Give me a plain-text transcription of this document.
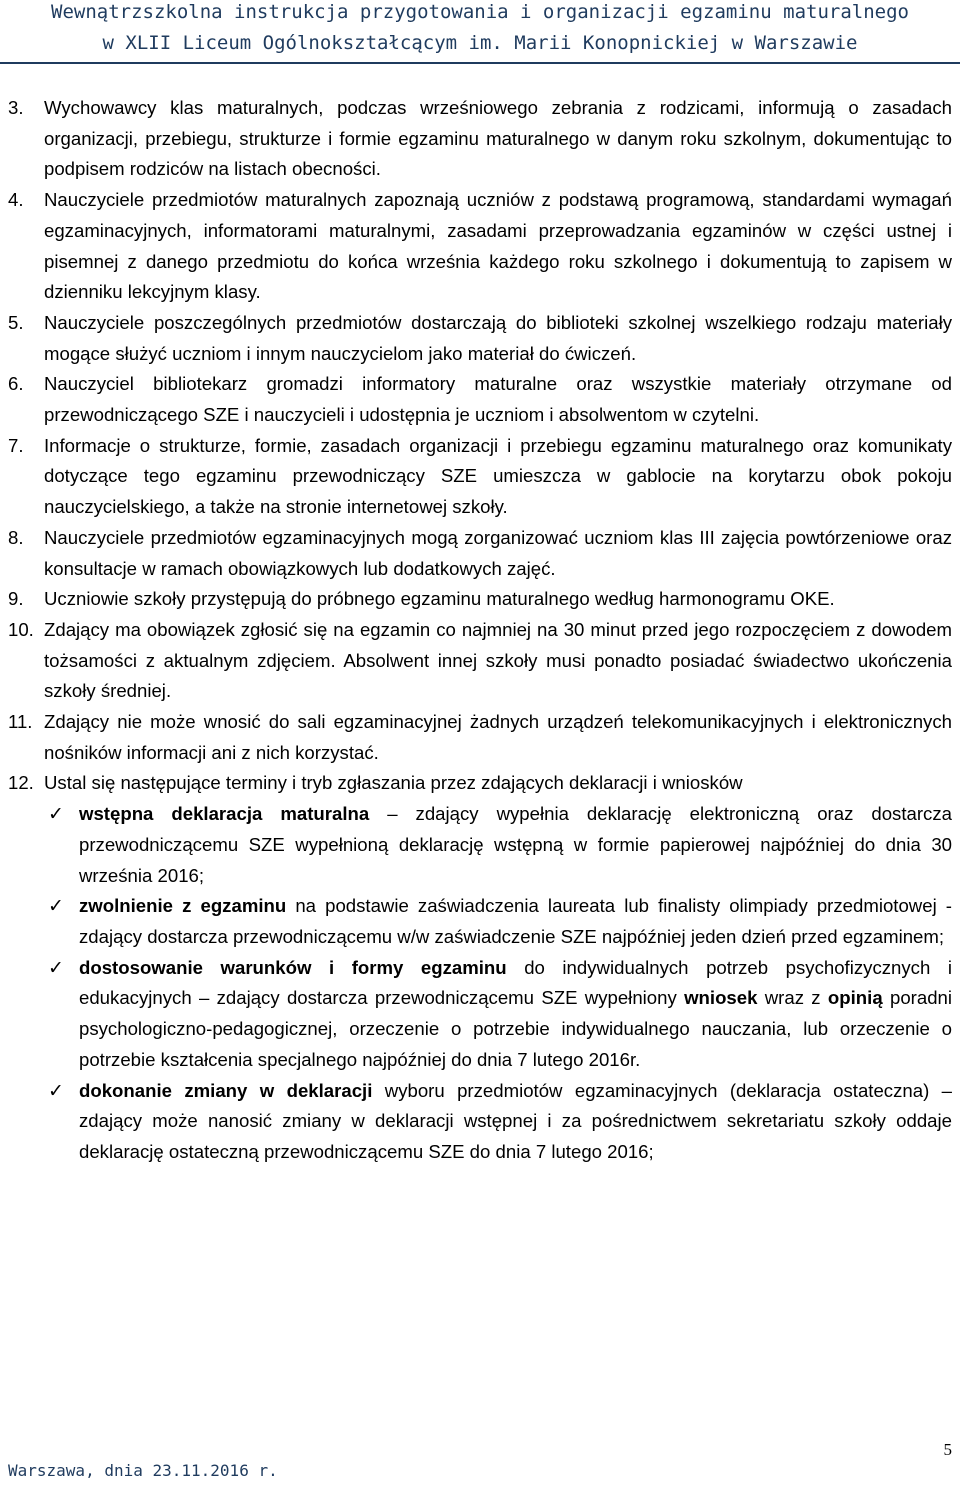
Wewnątrzszkolna instrukcja przygotowania i organizacji egzaminu maturalnego
w XLII Liceum Ogólnokształcącym im. Marii Konopnickiej w Warszawie
3. Wychowawcy klas maturalnych, podczas wrześniowego zebrania z rodzicami, informują o zasadach organizacji, przebiegu, strukturze i formie egzaminu maturalnego w danym roku szkolnym, dokumentując to podpisem rodziców na listach obecności.
4. Nauczyciele przedmiotów maturalnych zapoznają uczniów z podstawą programową, standardami wymagań egzaminacyjnych, informatorami maturalnymi, zasadami przeprowadzania egzaminów w części ustnej i pisemnej z danego przedmiotu do końca września każdego roku szkolnego i dokumentują to zapisem w dzienniku lekcyjnym klasy.
5. Nauczyciele poszczególnych przedmiotów dostarczają do biblioteki szkolnej wszelkiego rodzaju materiały mogące służyć uczniom i innym nauczycielom jako materiał do ćwiczeń.
6. Nauczyciel bibliotekarz gromadzi informatory maturalne oraz wszystkie materiały otrzymane od przewodniczącego SZE i nauczycieli i udostępnia je uczniom i absolwentom w czytelni.
7. Informacje o strukturze, formie, zasadach organizacji i przebiegu egzaminu maturalnego oraz komunikaty dotyczące tego egzaminu przewodniczący SZE umieszcza w gablocie na korytarzu obok pokoju nauczycielskiego, a także na stronie internetowej szkoły.
8. Nauczyciele przedmiotów egzaminacyjnych mogą zorganizować uczniom klas III zajęcia powtórzeniowe oraz konsultacje w ramach obowiązkowych lub dodatkowych zajęć.
9. Uczniowie szkoły przystępują do próbnego egzaminu maturalnego według harmonogramu OKE.
10. Zdający ma obowiązek zgłosić się na egzamin co najmniej na 30 minut przed jego rozpoczęciem z dowodem tożsamości z aktualnym zdjęciem. Absolwent innej szkoły musi ponadto posiadać świadectwo ukończenia szkoły średniej.
11. Zdający nie może wnosić do sali egzaminacyjnej żadnych urządzeń telekomunikacyjnych i elektronicznych nośników informacji ani z nich korzystać.
12. Ustal się następujące terminy i tryb zgłaszania przez zdających deklaracji i wniosków
✓ wstępna deklaracja maturalna – zdający wypełnia deklarację elektroniczną oraz dostarcza przewodniczącemu SZE wypełnioną deklarację wstępną w formie papierowej najpóźniej do dnia 30 września 2016;
✓ zwolnienie z egzaminu na podstawie zaświadczenia laureata lub finalisty olimpiady przedmiotowej - zdający dostarcza przewodniczącemu w/w zaświadczenie SZE najpóźniej jeden dzień przed egzaminem;
✓ dostosowanie warunków i formy egzaminu do indywidualnych potrzeb psychofizycznych i edukacyjnych – zdający dostarcza przewodniczącemu SZE wypełniony wniosek wraz z opinią poradni psychologiczno-pedagogicznej, orzeczenie o potrzebie indywidualnego nauczania, lub orzeczenie o potrzebie kształcenia specjalnego najpóźniej do dnia 7 lutego 2016r.
✓ dokonanie zmiany w deklaracji wyboru przedmiotów egzaminacyjnych (deklaracja ostateczna) – zdający może nanosić zmiany w deklaracji wstępnej i za pośrednictwem sekretariatu szkoły oddaje deklarację ostateczną przewodniczącemu SZE do dnia 7 lutego 2016;
5
Warszawa, dnia 23.11.2016 r.
